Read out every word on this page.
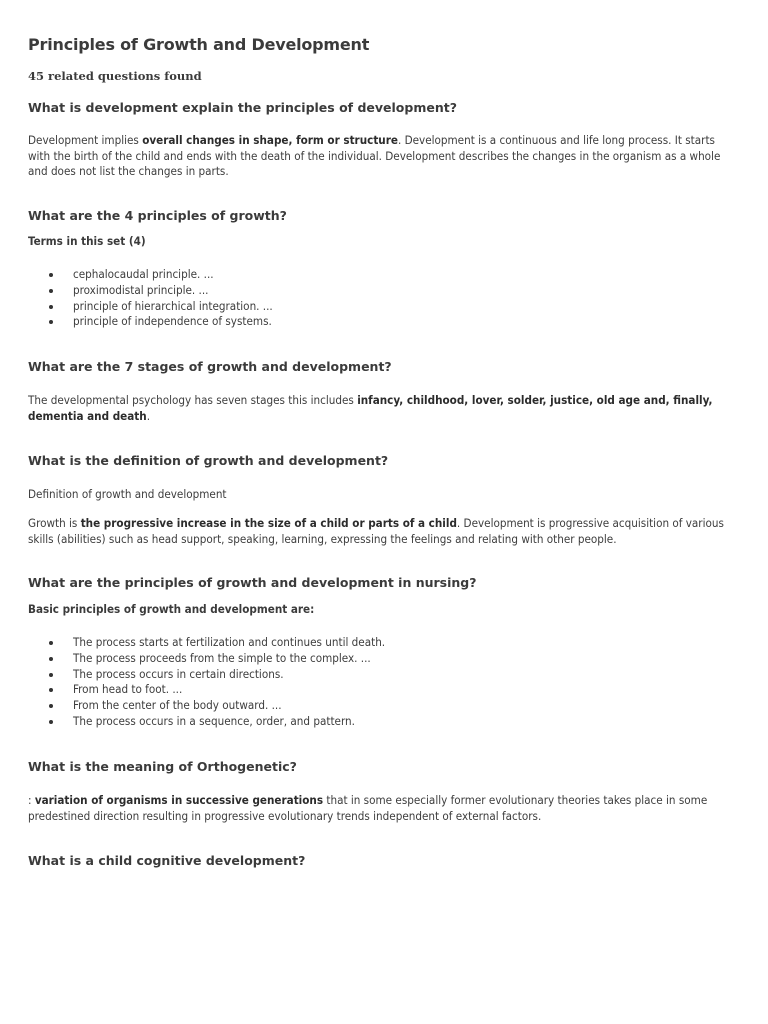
Principles of Growth and Development

45 related questions found

What is development explain the principles of development?

Development implies overall changes in shape, form or structure. Development is a continuous and life long process. It starts with the birth of the child and ends with the death of the individual. Development describes the changes in the organism as a whole and does not list the changes in parts.

What are the 4 principles of growth?

Terms in this set (4)

cephalocaudal principle. ...
proximodistal principle. ...
principle of hierarchical integration. ...
principle of independence of systems.
What are the 7 stages of growth and development?

The developmental psychology has seven stages this includes infancy, childhood, lover, solder, justice, old age and, finally, dementia and death.

What is the definition of growth and development?

Definition of growth and development

Growth is the progressive increase in the size of a child or parts of a child. Development is progressive acquisition of various skills (abilities) such as head support, speaking, learning, expressing the feelings and relating with other people.

What are the principles of growth and development in nursing?

Basic principles of growth and development are:

The process starts at fertilization and continues until death.
The process proceeds from the simple to the complex. ...
The process occurs in certain directions.
From head to foot. ...
From the center of the body outward. ...
The process occurs in a sequence, order, and pattern.
What is the meaning of Orthogenetic?

: variation of organisms in successive generations that in some especially former evolutionary theories takes place in some predestined direction resulting in progressive evolutionary trends independent of external factors.

What is a child cognitive development?
